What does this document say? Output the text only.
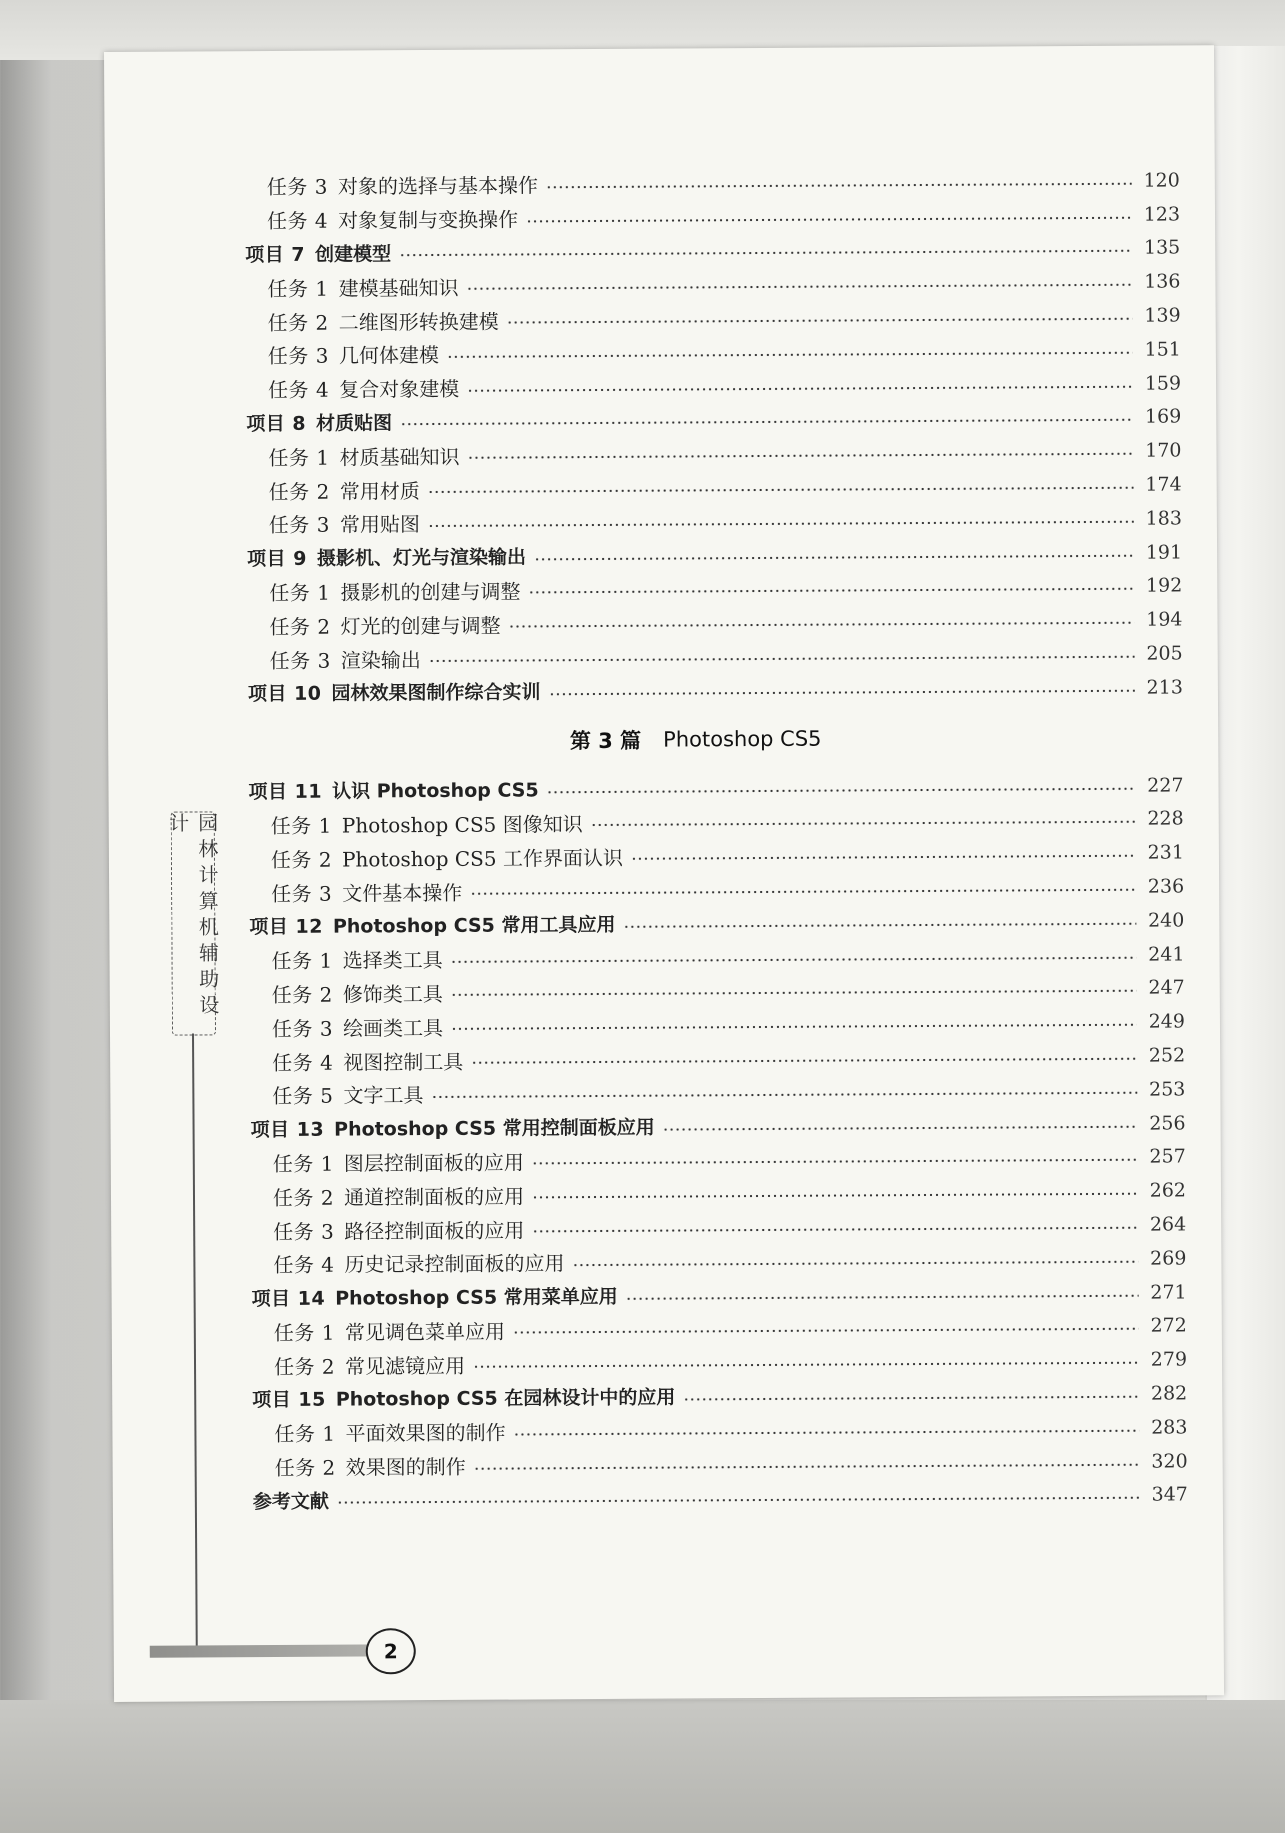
任务 3 对象的选择与基本操作	120
任务 4 对象复制与变换操作	123
项目 7 创建模型	135
任务 1 建模基础知识	136
任务 2 二维图形转换建模	139
任务 3 几何体建模	151
任务 4 复合对象建模	159
项目 8 材质贴图	169
任务 1 材质基础知识	170
任务 2 常用材质	174
任务 3 常用贴图	183
项目 9 摄影机、灯光与渲染输出	191
任务 1 摄影机的创建与调整	192
任务 2 灯光的创建与调整	194
任务 3 渲染输出	205
项目 10 园林效果图制作综合实训	213
第 3 篇 Photoshop CS5
项目 11 认识 Photoshop CS5	227
任务 1 Photoshop CS5 图像知识	228
任务 2 Photoshop CS5 工作界面认识	231
任务 3 文件基本操作	236
项目 12 Photoshop CS5 常用工具应用	240
任务 1 选择类工具	241
任务 2 修饰类工具	247
任务 3 绘画类工具	249
任务 4 视图控制工具	252
任务 5 文字工具	253
项目 13 Photoshop CS5 常用控制面板应用	256
任务 1 图层控制面板的应用	257
任务 2 通道控制面板的应用	262
任务 3 路径控制面板的应用	264
任务 4 历史记录控制面板的应用	269
项目 14 Photoshop CS5 常用菜单应用	271
任务 1 常见调色菜单应用	272
任务 2 常见滤镜应用	279
项目 15 Photoshop CS5 在园林设计中的应用	282
任务 1 平面效果图的制作	283
任务 2 效果图的制作	320
参考文献	347
园林计算机辅助设计
2
